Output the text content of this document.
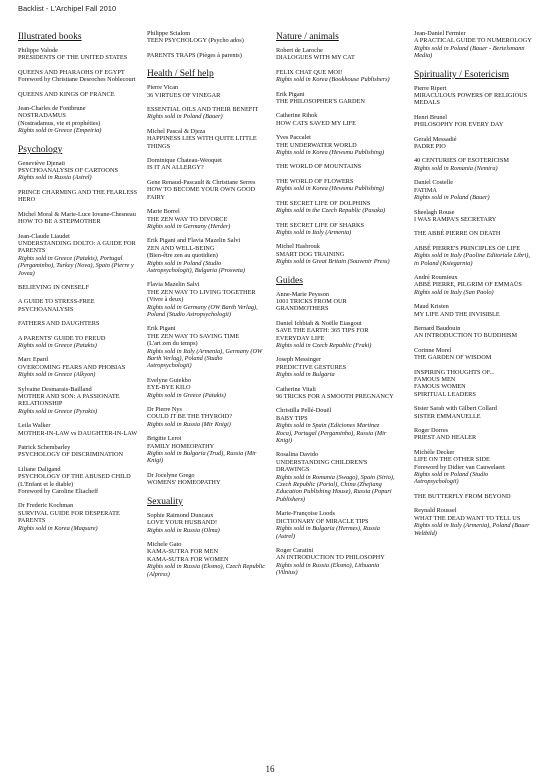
Backlist - L'Archipel Fall 2010
Illustrated books
Philippe Valode
PRESIDENTS OF THE UNITED STATES
QUEENS AND PHARAOHS OF EGYPT
Foreword by Christiane Desroches Noblecourt
QUEENS AND KINGS OF FRANCE
Jean-Charles de Fontbrune
NOSTRADAMUS
(Nostradamus, vie et prophéties)
Rights sold in Greece (Empeiria)
Psychology
Geneviève Djenati
PSYCHOANALYSIS OF CARTOONS
Rights sold in Russia (Astrel)
PRINCE CHARMING AND THE FEARLESS HERO
Michel Moral & Marie-Luce Iovane-Chesneau
HOW TO BE A STEPMOTHER
Jean-Claude Liaudet
UNDERSTANDING DOLTO: A GUIDE FOR PARENTS
Rights sold in Greece (Patakis), Portugal (Pergaminho), Turkey (Nova), Spain (Pierre y Jovea)
BELIEVING IN ONESELF
A GUIDE TO STRESS-FREE PSYCHOANALYSIS
FATHERS AND DAUGHTERS
A PARENTS' GUIDE TO FREUD
Rights sold in Greece (Patakis)
Marc Epard
OVERCOMING FEARS AND PHOBIAS
Rights sold in Greece (Alkyon)
Sylvaine Desmarais-Bailland
MOTHER AND SON: A PASSIONATE RELATIONSHIP
Rights sold in Greece (Pyrakis)
Leila Walker
MOTHER-IN-LAW vs DAUGHTER-IN-LAW
Patrick Schembarley
PSYCHOLOGY OF DISCRIMINATION
Liliane Daligand
PSYCHOLOGY OF THE ABUSED CHILD
(L'Enfant et le diable)
Foreword by Caroline Eliacheff
Dr Frederic Kochman
SURVIVAL GUIDE FOR DESPERATE PARENTS
Rights sold in Korea (Maqsure)
Philippe Scialom
TEEN PSYCHOLOGY (Psycho ados)
PARENTS TRAPS (Pièges à parents)
Health / Self help
Pierre Vican
36 VIRTUES OF VINEGAR
ESSENTIAL OILS AND THEIR BENEFIT
Rights sold in Poland (Bauer)
Michel Pascal & Djeza
HAPPINESS LIES WITH QUITE LITTLE THINGS
Dominique Chateau-Weoquet
IS IT AN ALLERGY?
Gene Renaud-Pascault & Christiane Serres
HOW TO BECOME YOUR OWN GOOD FAIRY
Marie Borrel
THE ZEN WAY TO DIVORCE
Rights sold in Germany (Herder)
Erik Pigani and Flavia Mazelin Salvi
ZEN AND WELL-BEING
(Bien-être zen au quotidien)
Rights sold in Poland (Studio Astropsychologii), Bulgaria (Prosveta)
Flavia Mazelin Salvi
THE ZEN WAY TO LIVING TOGETHER (Vivre à deux)
Rights sold in Germany (OW Barth Verlag), Poland (Studio Astropsychologii)
Erik Pigani
THE ZEN WAY TO SAVING TIME
(L'art zen du temps)
Rights sold in Italy (Armenia), Germany (OW Barth Verlag), Poland (Studio Astropsychologii)
Evelyne Gutekbo
EYE-BYE KILO
Rights sold in Greece (Patakis)
Dr Pierre Nys
COULD IT BE THE THYROID?
Rights sold in Russia (Mir Knigi)
Brigitte Leroi
FAMILY HOMEOPATHY
Rights sold in Bulgaria (Trud), Russia (Mir Knigi)
Dr Jocelyne Grego
WOMENS' HOMEOPATHY
Sexuality
Sophie Raimond Duncaux
LOVE YOUR HUSBAND!
Rights sold in Russia (Olma)
Michele Gato
KAMA-SUTRA FOR MEN
KAMA-SUTRA FOR WOMEN
Rights sold in Russia (Eksmo), Czech Republic (Alpress)
Nature / animals
Robert de Laroche
DIALOGUES WITH MY CAT
FELIX CHAT QUE MOI!
Rights sold in Korea (Bookhouse Publishers)
Erik Pigani
THE PHILOSOPHER'S GARDEN
Catherine Rihok
HOW CATS SAVED MY LIFE
Yves Paccalet
THE UNDERWATER WORLD
Rights sold in Korea (Hewsmu Publishing)
THE WORLD OF MOUNTAINS
THE WORLD OF FLOWERS
Rights sold in Korea (Hewsmu Publishing)
THE SECRET LIFE OF DOLPHINS
Rights sold in the Czech Republic (Pasaka)
THE SECRET LIFE OF SHARKS
Rights sold in Italy (Armenia)
Michel Hasbrouk
SMART DOG TRAINING
Rights sold in Great Britain (Souvenir Press)
Guides
Anne-Marie Peysson
1001 TRICKS FROM OUR GRANDMOTHERS
Daniel Ichbiah & Noëlle Eiasgout
SAVE THE EARTH: 365 TIPS FOR EVERYDAY LIFE
Rights sold in Czech Republic (Fraki)
Joseph Messinger
PREDICTIVE GESTURES
Rights sold in Bulgaria
Catherine Vitali
96 TRICKS FOR A SMOOTH PREGNANCY
Christilla Pellé-Douël
BABY TIPS
Rights sold in Spain (Ediciones Martinez Roca), Portugal (Pergaminho), Russia (Mir Knigi)
Rosalina Davido
UNDERSTANDING CHILDREN'S DRAWINGS
Rights sold in Romania (Swago), Spain (Sirio), Czech Republic (Portal), China (Zhejiang Education Publishing House), Russia (Popuri Publishers)
Marie-Françoise Loods
DICTIONARY OF MIRACLE TIPS
Rights sold in Bulgaria (Hermes), Russia (Astrel)
Roger Caratini
AN INTRODUCTION TO PHILOSOPHY
Rights sold in Russia (Eksmo), Lithuania (Vilnius)
Jean-Daniel Fermier
A PRACTICAL GUIDE TO NUMEROLOGY
Rights sold in Poland (Bauer - Bertelsmann Media)
Spirituality / Esotericism
Pierre Ripert
MIRACULOUS POWERS OF RELIGIOUS MEDALS
Henri Brunel
PHILOSOPHY FOR EVERY DAY
Gerald Messadié
PADRE PIO
40 CENTURIES OF ESOTERICISM
Rights sold in Romania (Nemira)
Daniel Costelle
FATIMA
Rights sold in Poland (Bauer)
Sheelagh Rouse
I WAS RAMPA'S SECRETARY
THE ABBÉ PIERRE ON DEATH
ABBÉ PIERRE'S PRINCIPLES OF LIFE
Rights sold in Italy (Paoline Editoriale Libri), in Poland (Ksiegarnia)
André Roumieux
ABBÉ PIERRE, PILGRIM OF EMMAÜS
Rights sold in Italy (San Paolo)
Maud Kristen
MY LIFE AND THE INVISIBLE
Bernard Baudouin
AN INTRODUCTION TO BUDDHISM
Corinne Morel
THE GARDEN OF WISDOM
INSPIRING THOUGHTS OF...
FAMOUS MEN
FAMOUS WOMEN
SPIRITUAL LEADERS
Sister Sarah with Gilbert Collard
SISTER EMMANUELLE
Roger Dorres
PRIEST AND HEALER
Michèle Decker
LIFE ON THE OTHER SIDE
Foreword by Didier van Cauwelaert
Rights sold in Poland (Studio Astropsychologii)
THE BUTTERFLY FROM BEYOND
Reynald Roussel
WHAT THE DEAD WANT TO TELL US
Rights sold in Italy (Armenia), Poland (Bauer Weltbild)
16
